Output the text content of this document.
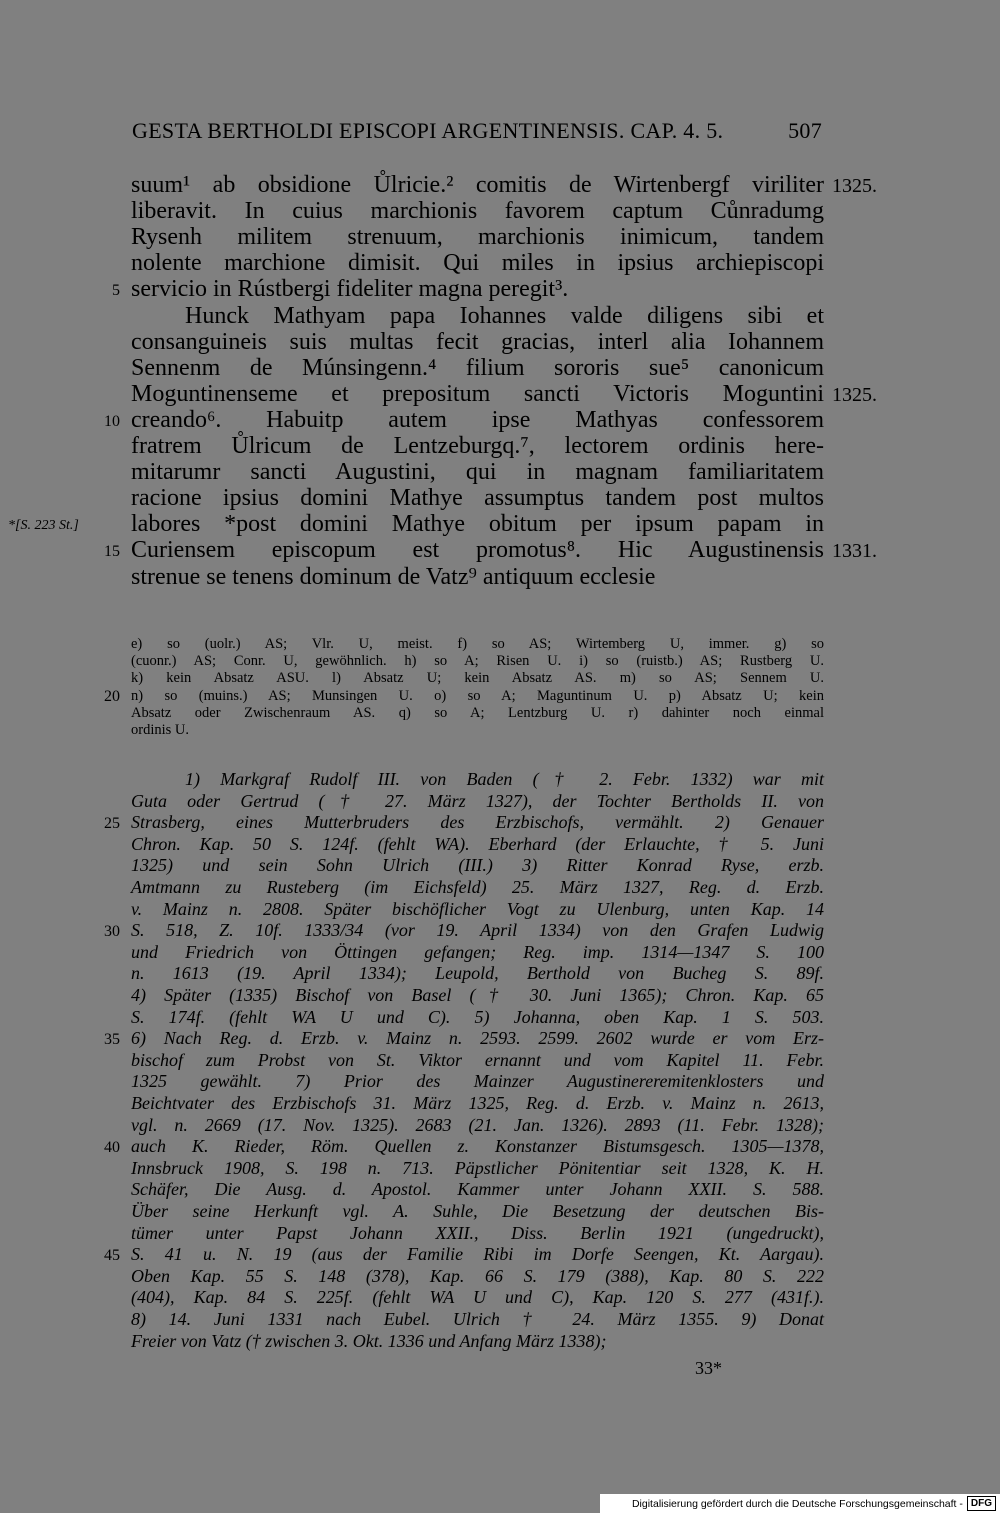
GESTA BERTHOLDI EPISCOPI ARGENTINENSIS. CAP. 4. 5.	507
suum¹ ab obsidione Ůlricie.² comitis de Wirtenbergf viriliter
liberavit. In cuius marchionis favorem captum Cůnradumg
Rysenh militem strenuum, marchionis inimicum, tandem
nolente marchione dimisit. Qui miles in ipsius archiepiscopi
servicio in Rústbergi fideliter magna peregit³.
Hunck Mathyam papa Iohannes valde diligens sibi et
consanguineis suis multas fecit gracias, interl alia Iohannem
Sennenm de Múnsingenn.⁴ filium sororis sue⁵ canonicum
Moguntinenseme et prepositum sancti Victoris Moguntini
creando⁶. Habuitp autem ipse Mathyas confessorem
fratrem Ůlricum de Lentzeburgq.⁷, lectorem ordinis here-
mitarumr sancti Augustini, qui in magnam familiaritatem
racione ipsius domini Mathye assumptus tandem post multos
labores *post domini Mathye obitum per ipsum papam in
Curiensem episcopum est promotus⁸. Hic Augustinensis
strenue se tenens dominum de Vatz⁹ antiquum ecclesie
5
10
15
*[S. 223 St.]
1325.
1325.
1331.
e) so (uolr.) AS; Vlr. U, meist. f) so AS; Wirtemberg U, immer. g) so
(cuonr.) AS; Conr. U, gewöhnlich. h) so A; Risen U. i) so (ruistb.) AS; Rustberg U.
k) kein Absatz ASU. l) Absatz U; kein Absatz AS. m) so AS; Sennem U.
n) so (muins.) AS; Munsingen U. o) so A; Maguntinum U. p) Absatz U; kein
Absatz oder Zwischenraum AS. q) so A; Lentzburg U. r) dahinter noch einmal
ordinis U.
20
1) Markgraf Rudolf III. von Baden († 2. Febr. 1332) war mit
Guta oder Gertrud († 27. März 1327), der Tochter Bertholds II. von
Strasberg, eines Mutterbruders des Erzbischofs, vermählt. 2) Genauer
Chron. Kap. 50 S. 124f. (fehlt WA). Eberhard (der Erlauchte, † 5. Juni
1325) und sein Sohn Ulrich (III.) 3) Ritter Konrad Ryse, erzb.
Amtmann zu Rusteberg (im Eichsfeld) 25. März 1327, Reg. d. Erzb.
v. Mainz n. 2808. Später bischöflicher Vogt zu Ulenburg, unten Kap. 14
S. 518, Z. 10f. 1333/34 (vor 19. April 1334) von den Grafen Ludwig
und Friedrich von Öttingen gefangen; Reg. imp. 1314—1347 S. 100
n. 1613 (19. April 1334); Leupold, Berthold von Bucheg S. 89f.
4) Später (1335) Bischof von Basel († 30. Juni 1365); Chron. Kap. 65
S. 174f. (fehlt WA U und C). 5) Johanna, oben Kap. 1 S. 503.
6) Nach Reg. d. Erzb. v. Mainz n. 2593. 2599. 2602 wurde er vom Erz-
bischof zum Probst von St. Viktor ernannt und vom Kapitel 11. Febr.
1325 gewählt. 7) Prior des Mainzer Augustinereremitenklosters und
Beichtvater des Erzbischofs 31. März 1325, Reg. d. Erzb. v. Mainz n. 2613,
vgl. n. 2669 (17. Nov. 1325). 2683 (21. Jan. 1326). 2893 (11. Febr. 1328);
auch K. Rieder, Röm. Quellen z. Konstanzer Bistumsgesch. 1305—1378,
Innsbruck 1908, S. 198 n. 713. Päpstlicher Pönitentiar seit 1328, K. H.
Schäfer, Die Ausg. d. Apostol. Kammer unter Johann XXII. S. 588.
Über seine Herkunft vgl. A. Suhle, Die Besetzung der deutschen Bis-
tümer unter Papst Johann XXII., Diss. Berlin 1921 (ungedruckt),
S. 41 u. N. 19 (aus der Familie Ribi im Dorfe Seengen, Kt. Aargau).
Oben Kap. 55 S. 148 (378), Kap. 66 S. 179 (388), Kap. 80 S. 222
(404), Kap. 84 S. 225f. (fehlt WA U und C), Kap. 120 S. 277 (431f.).
8) 14. Juni 1331 nach Eubel. Ulrich † 24. März 1355. 9) Donat
Freier von Vatz († zwischen 3. Okt. 1336 und Anfang März 1338);
25
30
35
40
45
33*
Digitalisierung gefördert durch die Deutsche Forschungsgemeinschaft - DFG
